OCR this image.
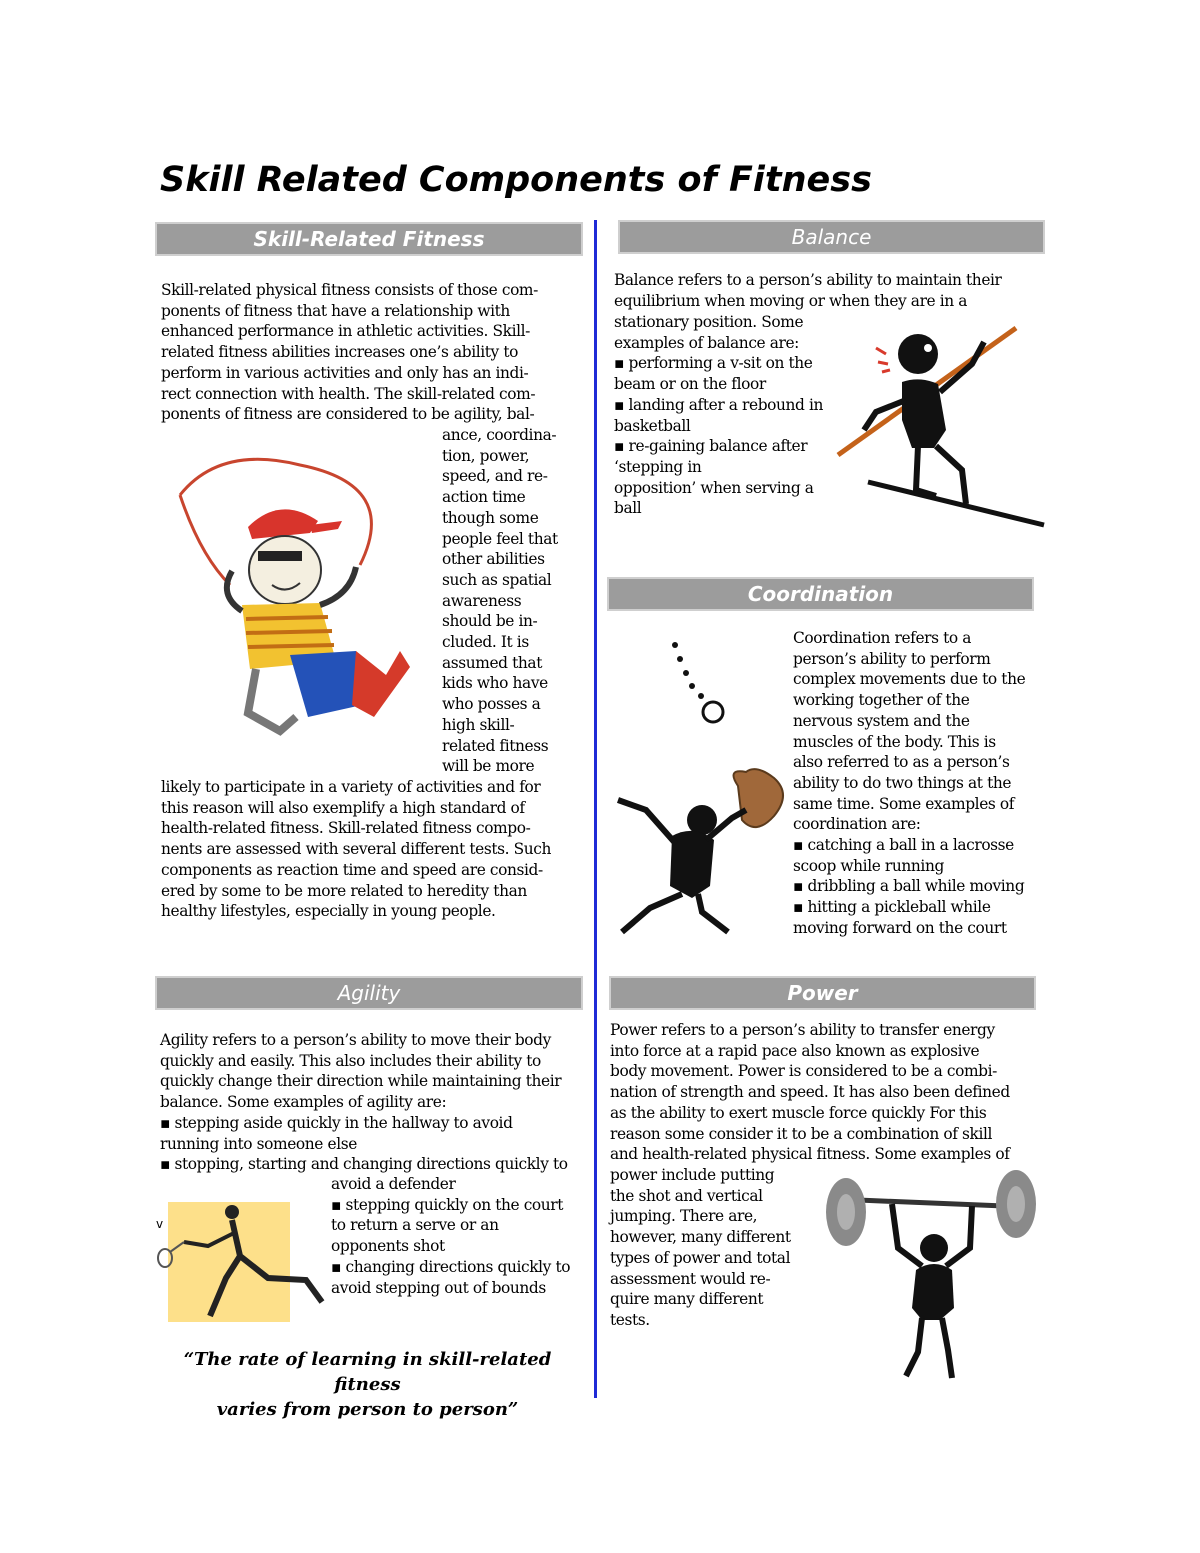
Skill Related Components of Fitness
Skill-Related Fitness
Skill-related physical fitness consists of those com-
ponents of fitness that have a relationship with
enhanced performance in athletic activities. Skill-
related fitness abilities increases one’s ability to
perform in various activities and only has an indi-
rect connection with health. The skill-related com-
ponents of fitness are considered to be agility, bal-
ance, coordina-
tion, power,
speed, and re-
action time
though some
people feel that
other abilities
such as spatial
awareness
should be in-
cluded. It is
assumed that
kids who have
who posses a
high skill-
related fitness
will be more
likely to participate in a variety of activities and for
this reason will also exemplify a high standard of
health-related fitness. Skill-related fitness compo-
nents are assessed with several different tests. Such
components as reaction time and speed are consid-
ered by some to be more related to heredity than
healthy lifestyles, especially in young people.
Agility
Agility refers to a person’s ability to move their body
quickly and easily. This also includes their ability to
quickly change their direction while maintaining their
balance. Some examples of agility are:
▪ stepping aside quickly in the hallway to avoid
running into someone else
▪ stopping, starting and changing directions quickly to
avoid a defender
▪ stepping quickly on the court
to return a serve or an
opponents shot
▪ changing directions quickly to
avoid stepping out of bounds
v

“The rate of learning in skill-related fitness
varies from person to person”

Balance
Balance refers to a person’s ability to maintain their
equilibrium when moving or when they are in a
stationary position. Some
examples of balance are:
▪ performing a v-sit on the
beam or on the floor
▪ landing after a rebound in
basketball
▪ re-gaining balance after
‘stepping in
opposition’ when serving a
ball
Coordination
Coordination refers to a
person’s ability to perform
complex movements due to the
working together of the
nervous system and the
muscles of the body. This is
also referred to as a person’s
ability to do two things at the
same time. Some examples of
coordination are:
▪ catching a ball in a lacrosse
scoop while running
▪ dribbling a ball while moving
▪ hitting a pickleball while
moving forward on the court
Power
Power refers to a person’s ability to transfer energy
into force at a rapid pace also known as explosive
body movement. Power is considered to be a combi-
nation of strength and speed. It has also been defined
as the ability to exert muscle force quickly For this
reason some consider it to be a combination of skill
and health-related physical fitness. Some examples of
power include putting
the shot and vertical
jumping. There are,
however, many different
types of power and total
assessment would re-
quire many different
tests.
